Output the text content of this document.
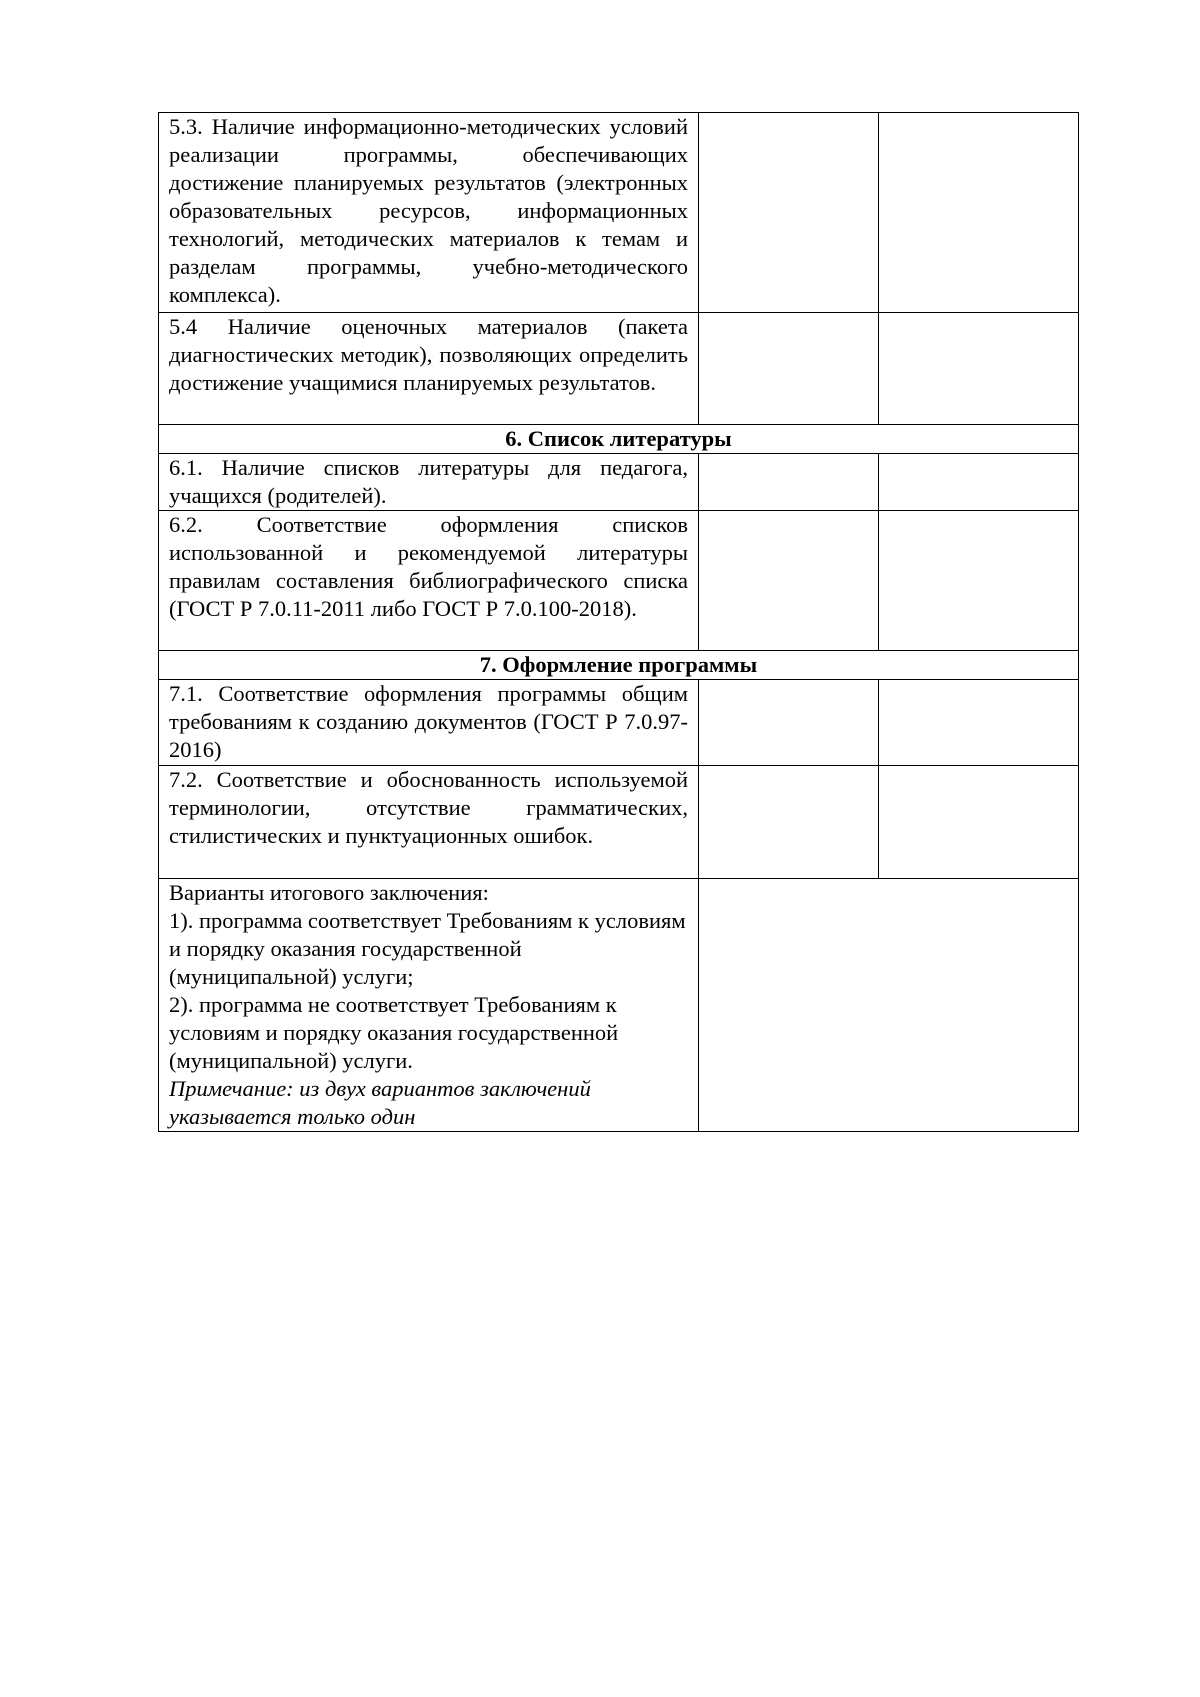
5.3. Наличие информационно-методических условий реализации программы, обеспечивающих достижение планируемых результатов (электронных образовательных ресурсов, информационных технологий, методических материалов к темам и разделам программы, учебно-методического комплекса).		
5.4 Наличие оценочных материалов (пакета диагностических методик), позволяющих определить достижение учащимися планируемых результатов.		
6. Список литературы		
6.1. Наличие списков литературы для педагога, учащихся (родителей).		
6.2. Соответствие оформления списков использованной и рекомендуемой литературы правилам составления библиографического списка (ГОСТ Р 7.0.11-2011 либо ГОСТ Р 7.0.100-2018).		
7. Оформление программы		
7.1. Соответствие оформления программы общим требованиям к созданию документов (ГОСТ Р 7.0.97-2016)		
7.2. Соответствие и обоснованность используемой терминологии, отсутствие грамматических, стилистических и пунктуационных ошибок.		

Варианты итогового заключения:
1). программа соответствует Требованиям к условиям и порядку оказания государственной (муниципальной) услуги;
2). программа не соответствует Требованиям к условиям и порядку оказания государственной (муниципальной) услуги.
Примечание: из двух вариантов заключений указывается только один		
